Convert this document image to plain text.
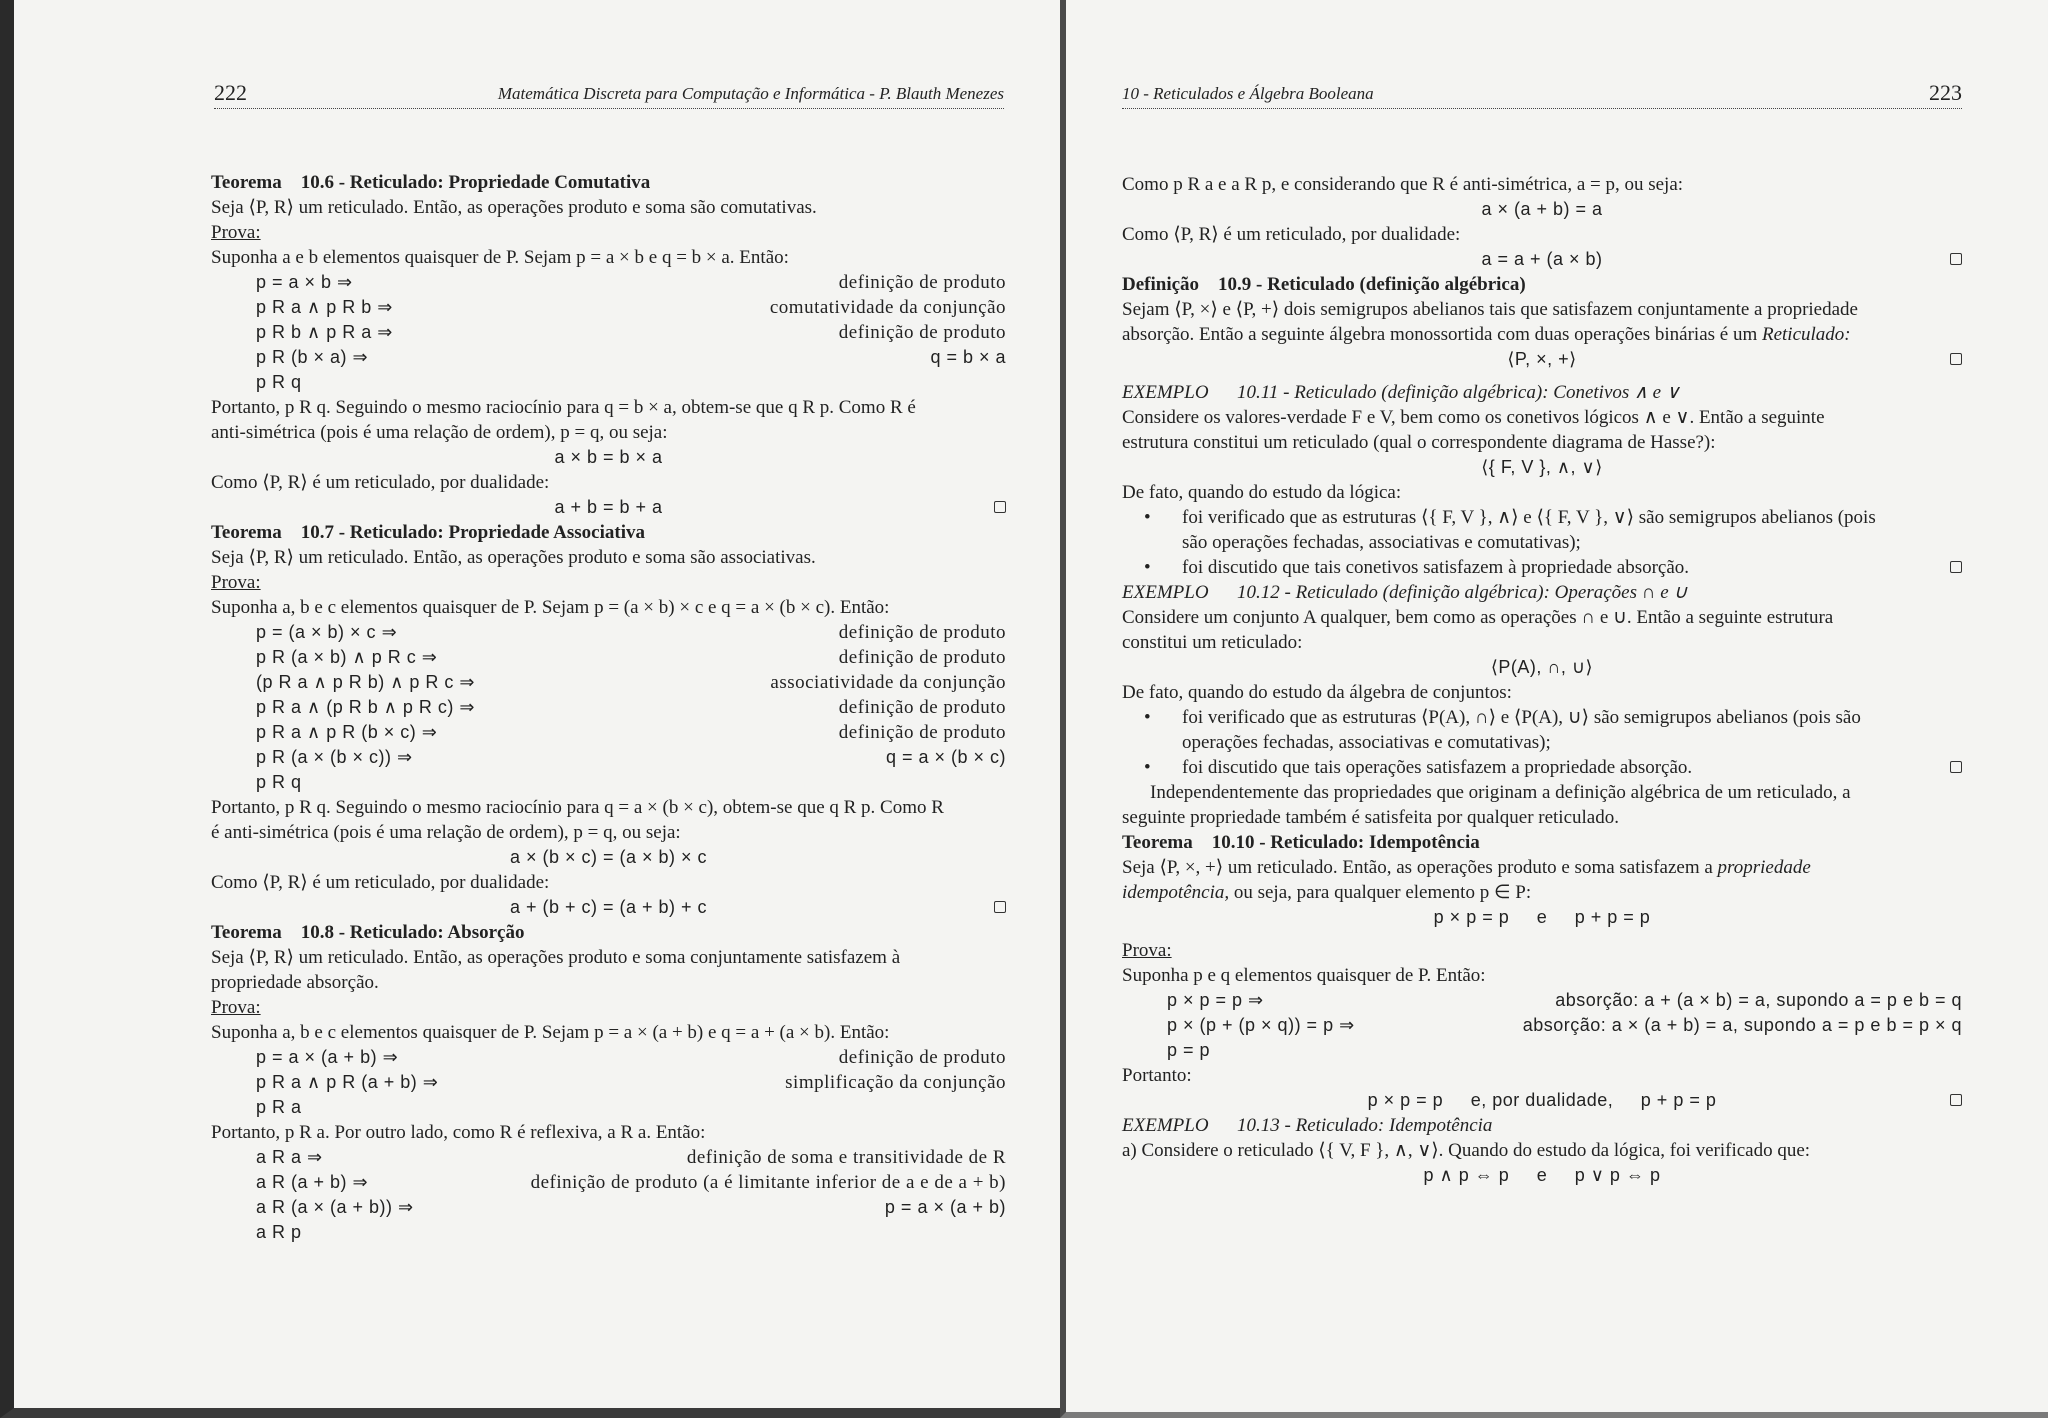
222	Matemática Discreta para Computação e Informática - P. Blauth Menezes
Teorema 10.6 - Reticulado: Propriedade Comutativa
Seja ⟨P, R⟩ um reticulado. Então, as operações produto e soma são comutativas.
Prova:
Suponha a e b elementos quaisquer de P. Sejam p = a × b e q = b × a. Então:
p = a × b ⇒	definição de produto
p R a ∧ p R b ⇒	comutatividade da conjunção
p R b ∧ p R a ⇒	definição de produto
p R (b × a) ⇒	q = b × a
p R q
Portanto, p R q. Seguindo o mesmo raciocínio para q = b × a, obtem-se que q R p. Como R é
anti-simétrica (pois é uma relação de ordem), p = q, ou seja:
a × b = b × a
Como ⟨P, R⟩ é um reticulado, por dualidade:
a + b = b + a
Teorema 10.7 - Reticulado: Propriedade Associativa
Seja ⟨P, R⟩ um reticulado. Então, as operações produto e soma são associativas.
Prova:
Suponha a, b e c elementos quaisquer de P. Sejam p = (a × b) × c e q = a × (b × c). Então:
p = (a × b) × c ⇒	definição de produto
p R (a × b) ∧ p R c ⇒	definição de produto
(p R a ∧ p R b) ∧ p R c ⇒	associatividade da conjunção
p R a ∧ (p R b ∧ p R c) ⇒	definição de produto
p R a ∧ p R (b × c) ⇒	definição de produto
p R (a × (b × c)) ⇒	q = a × (b × c)
p R q
Portanto, p R q. Seguindo o mesmo raciocínio para q = a × (b × c), obtem-se que q R p. Como R
é anti-simétrica (pois é uma relação de ordem), p = q, ou seja:
a × (b × c) = (a × b) × c
Como ⟨P, R⟩ é um reticulado, por dualidade:
a + (b + c) = (a + b) + c
Teorema 10.8 - Reticulado: Absorção
Seja ⟨P, R⟩ um reticulado. Então, as operações produto e soma conjuntamente satisfazem à
propriedade absorção.
Prova:
Suponha a, b e c elementos quaisquer de P. Sejam p = a × (a + b) e q = a + (a × b). Então:
p = a × (a + b) ⇒	definição de produto
p R a ∧ p R (a + b) ⇒	simplificação da conjunção
p R a
Portanto, p R a. Por outro lado, como R é reflexiva, a R a. Então:
a R a ⇒	definição de soma e transitividade de R
a R (a + b) ⇒	definição de produto (a é limitante inferior de a e de a + b)
a R (a × (a + b)) ⇒	p = a × (a + b)
a R p
10 - Reticulados e Álgebra Booleana	223
Como p R a e a R p, e considerando que R é anti-simétrica, a = p, ou seja:
a × (a + b) = a
Como ⟨P, R⟩ é um reticulado, por dualidade:
a = a + (a × b)
Definição 10.9 - Reticulado (definição algébrica)
Sejam ⟨P, ×⟩ e ⟨P, +⟩ dois semigrupos abelianos tais que satisfazem conjuntamente a propriedade
absorção. Então a seguinte álgebra monossortida com duas operações binárias é um Reticulado:
⟨P, ×, +⟩
EXEMPLO 10.11 - Reticulado (definição algébrica): Conetivos ∧ e ∨
Considere os valores-verdade F e V, bem como os conetivos lógicos ∧ e ∨. Então a seguinte
estrutura constitui um reticulado (qual o correspondente diagrama de Hasse?):
⟨{ F, V }, ∧, ∨⟩
De fato, quando do estudo da lógica:
• foi verificado que as estruturas ⟨{ F, V }, ∧⟩ e ⟨{ F, V }, ∨⟩ são semigrupos abelianos (pois
são operações fechadas, associativas e comutativas);
• foi discutido que tais conetivos satisfazem à propriedade absorção.
EXEMPLO 10.12 - Reticulado (definição algébrica): Operações ∩ e ∪
Considere um conjunto A qualquer, bem como as operações ∩ e ∪. Então a seguinte estrutura
constitui um reticulado:
⟨P(A), ∩, ∪⟩
De fato, quando do estudo da álgebra de conjuntos:
• foi verificado que as estruturas ⟨P(A), ∩⟩ e ⟨P(A), ∪⟩ são semigrupos abelianos (pois são
operações fechadas, associativas e comutativas);
• foi discutido que tais operações satisfazem a propriedade absorção.
Independentemente das propriedades que originam a definição algébrica de um reticulado, a
seguinte propriedade também é satisfeita por qualquer reticulado.
Teorema 10.10 - Reticulado: Idempotência
Seja ⟨P, ×, +⟩ um reticulado. Então, as operações produto e soma satisfazem a propriedade
idempotência, ou seja, para qualquer elemento p ∈ P:
p × p = p     e     p + p = p
Prova:
Suponha p e q elementos quaisquer de P. Então:
p × p = p ⇒	absorção: a + (a × b) = a, supondo a = p e b = q
p × (p + (p × q)) = p ⇒	absorção: a × (a + b) = a, supondo a = p e b = p × q
p = p
Portanto:
p × p = p     e, por dualidade,     p + p = p
EXEMPLO 10.13 - Reticulado: Idempotência
a) Considere o reticulado ⟨{ V, F }, ∧, ∨⟩. Quando do estudo da lógica, foi verificado que:
p ∧ p ⇔ p     e     p ∨ p ⇔ p
